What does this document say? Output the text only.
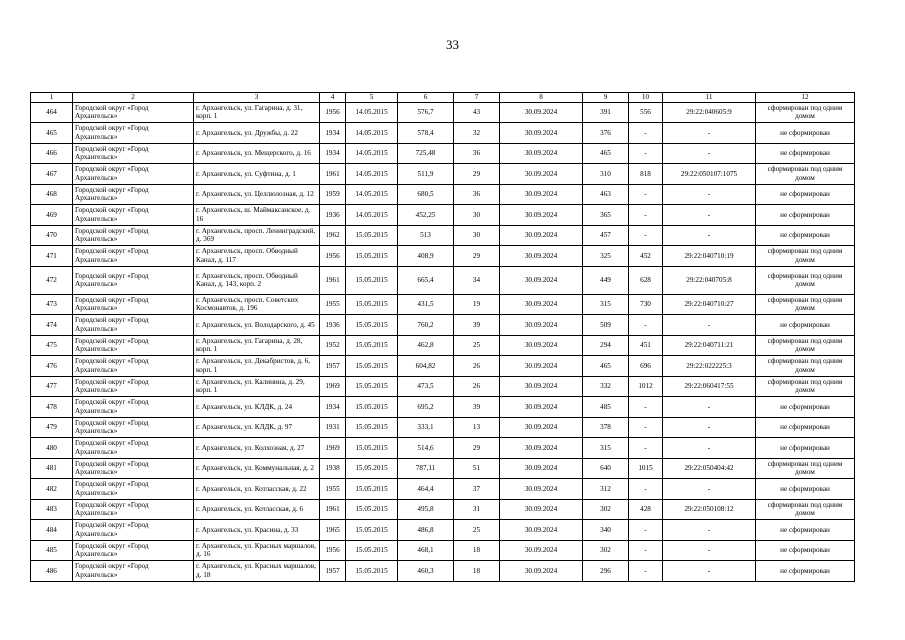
33
1	2	3	4	5	6	7	8	9	10	11	12
464	Городской округ «Город Архангельск»	г. Архангельск, ул. Гагарина, д. 31, корп. 1	1956	14.05.2015	576,7	43	30.09.2024	391	556	29:22:040605:9	сформирован под одним домом
465	Городской округ «Город Архангельск»	г. Архангельск, ул. Дружбы, д. 22	1934	14.05.2015	578,4	32	30.09.2024	376	-	-	не сформирован
466	Городской округ «Город Архангельск»	г. Архангельск, ул. Мещерского, д. 16	1934	14.05.2015	725,48	36	30.09.2024	465	-	-	не сформирован
467	Городской округ «Город Архангельск»	г. Архангельск, ул. Суфтина, д. 1	1961	14.05.2015	511,9	29	30.09.2024	310	818	29:22:050107:1075	сформирован под одним домом
468	Городской округ «Город Архангельск»	г. Архангельск, ул. Целлюлозная, д. 12	1959	14.05.2015	680,5	36	30.09.2024	463	-	-	не сформирован
469	Городской округ «Город Архангельск»	г. Архангельск, ш. Маймаксанское, д. 16	1936	14.05.2015	452,25	30	30.09.2024	365	-	-	не сформирован
470	Городской округ «Город Архангельск»	г. Архангельск, просп. Ленинградский, д. 369	1962	15.05.2015	513	30	30.09.2024	457	-	-	не сформирован
471	Городской округ «Город Архангельск»	г. Архангельск, просп. Обводный Канал, д. 117	1956	15.05.2015	408,9	29	30.09.2024	325	452	29:22:040710:19	сформирован под одним домом
472	Городской округ «Город Архангельск»	г. Архангельск, просп. Обводный Канал, д. 143, корп. 2	1961	15.05.2015	665,4	34	30.09.2024	449	628	29:22:040705:8	сформирован под одним домом
473	Городской округ «Город Архангельск»	г. Архангельск, просп. Советских Космонавтов, д. 196	1955	15.05.2015	431,5	19	30.09.2024	315	730	29:22:040710:27	сформирован под одним домом
474	Городской округ «Город Архангельск»	г. Архангельск, ул. Володарского, д. 45	1936	15.05.2015	760,2	39	30.09.2024	509	-	-	не сформирован
475	Городской округ «Город Архангельск»	г. Архангельск, ул. Гагарина, д. 28, корп. 1	1952	15.05.2015	462,8	25	30.09.2024	294	451	29:22:040711:21	сформирован под одним домом
476	Городской округ «Город Архангельск»	г. Архангельск, ул. Декабристов, д. 6, корп. 1	1957	15.05.2015	604,82	26	30.09.2024	465	696	29:22:022225:3	сформирован под одним домом
477	Городской округ «Город Архангельск»	г. Архангельск, ул. Калинина, д. 29, корп. 1	1969	15.05.2015	473,5	26	30.09.2024	332	1012	29:22:060417:55	сформирован под одним домом
478	Городской округ «Город Архангельск»	г. Архангельск, ул. КЛДК, д. 24	1934	15.05.2015	695,2	39	30.09.2024	485	-	-	не сформирован
479	Городской округ «Город Архангельск»	г. Архангельск, ул. КЛДК, д. 97	1931	15.05.2015	333,1	13	30.09.2024	378	-	-	не сформирован
480	Городской округ «Город Архангельск»	г. Архангельск, ул. Колхозная, д. 27	1969	15.05.2015	514,6	29	30.09.2024	315	-	-	не сформирован
481	Городской округ «Город Архангельск»	г. Архангельск, ул. Коммунальная, д. 2	1938	15.05.2015	787,11	51	30.09.2024	640	1015	29:22:050404:42	сформирован под одним домом
482	Городской округ «Город Архангельск»	г. Архангельск, ул. Котласская, д. 22	1955	15.05.2015	464,4	37	30.09.2024	312	-	-	не сформирован
483	Городской округ «Город Архангельск»	г. Архангельск, ул. Котласская, д. 6	1961	15.05.2015	495,8	31	30.09.2024	302	428	29:22:050108:12	сформирован под одним домом
484	Городской округ «Город Архангельск»	г. Архангельск, ул. Красина, д. 33	1965	15.05.2015	486,8	25	30.09.2024	340	-	-	не сформирован
485	Городской округ «Город Архангельск»	г. Архангельск, ул. Красных маршалов, д. 16	1956	15.05.2015	468,1	18	30.09.2024	302	-	-	не сформирован
486	Городской округ «Город Архангельск»	г. Архангельск, ул. Красных маршалов, д. 18	1957	15.05.2015	460,3	18	30.09.2024	296	-	-	не сформирован
